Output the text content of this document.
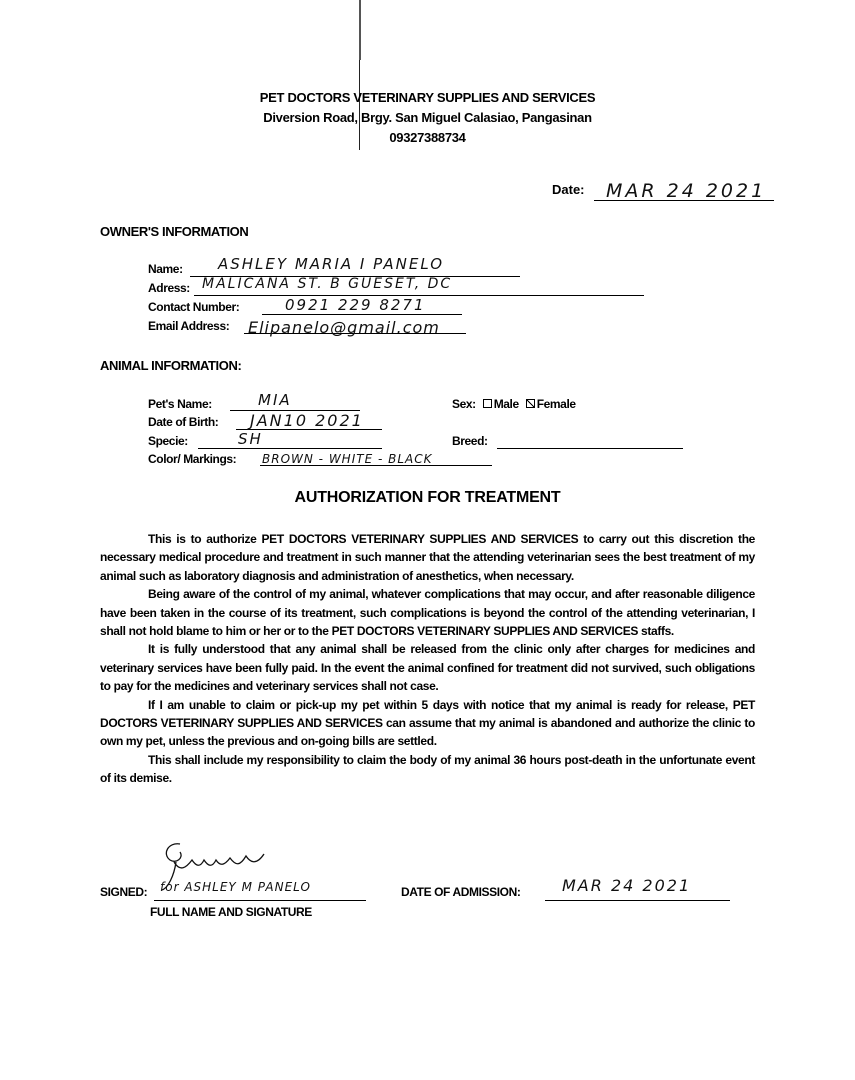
PET DOCTORS VETERINARY SUPPLIES AND SERVICES
Diversion Road, Brgy. San Miguel Calasiao, Pangasinan
09327388734
Date: MAR 24 2021
OWNER'S INFORMATION
Name: ASHLEY MARIA I PANELO
Adress: MALICANA ST. B GUESET, DC
Contact Number:	0921 229 8271
Email Address: Elipanelo@gmail.com
ANIMAL INFORMATION:
Pet's Name:	MIA	Sex: Male Female
Date of Birth: JAN10 2021
Specie:	SH	Breed:
Color/ Markings: BROWN - WHITE - BLACK
AUTHORIZATION FOR TREATMENT

This is to authorize PET DOCTORS VETERINARY SUPPLIES AND SERVICES to carry out this discretion the necessary medical procedure and treatment in such manner that the attending veterinarian sees the best treatment of my animal such as laboratory diagnosis and administration of anesthetics, when necessary.

Being aware of the control of my animal, whatever complications that may occur, and after reasonable diligence have been taken in the course of its treatment, such complications is beyond the control of the attending veterinarian, I shall not hold blame to him or her or to the PET DOCTORS VETERINARY SUPPLIES AND SERVICES staffs.

It is fully understood that any animal shall be released from the clinic only after charges for medicines and veterinary services have been fully paid. In the event the animal confined for treatment did not survived, such obligations to pay for the medicines and veterinary services shall not case.

If I am unable to claim or pick-up my pet within 5 days with notice that my animal is ready for release, PET DOCTORS VETERINARY SUPPLIES AND SERVICES can assume that my animal is abandoned and authorize the clinic to own my pet, unless the previous and on-going bills are settled.

This shall include my responsibility to claim the body of my animal 36 hours post-death in the unfortunate event of its demise.

SIGNED: for ASHLEY M PANELO
FULL NAME AND SIGNATURE
DATE OF ADMISSION:	MAR 24 2021
